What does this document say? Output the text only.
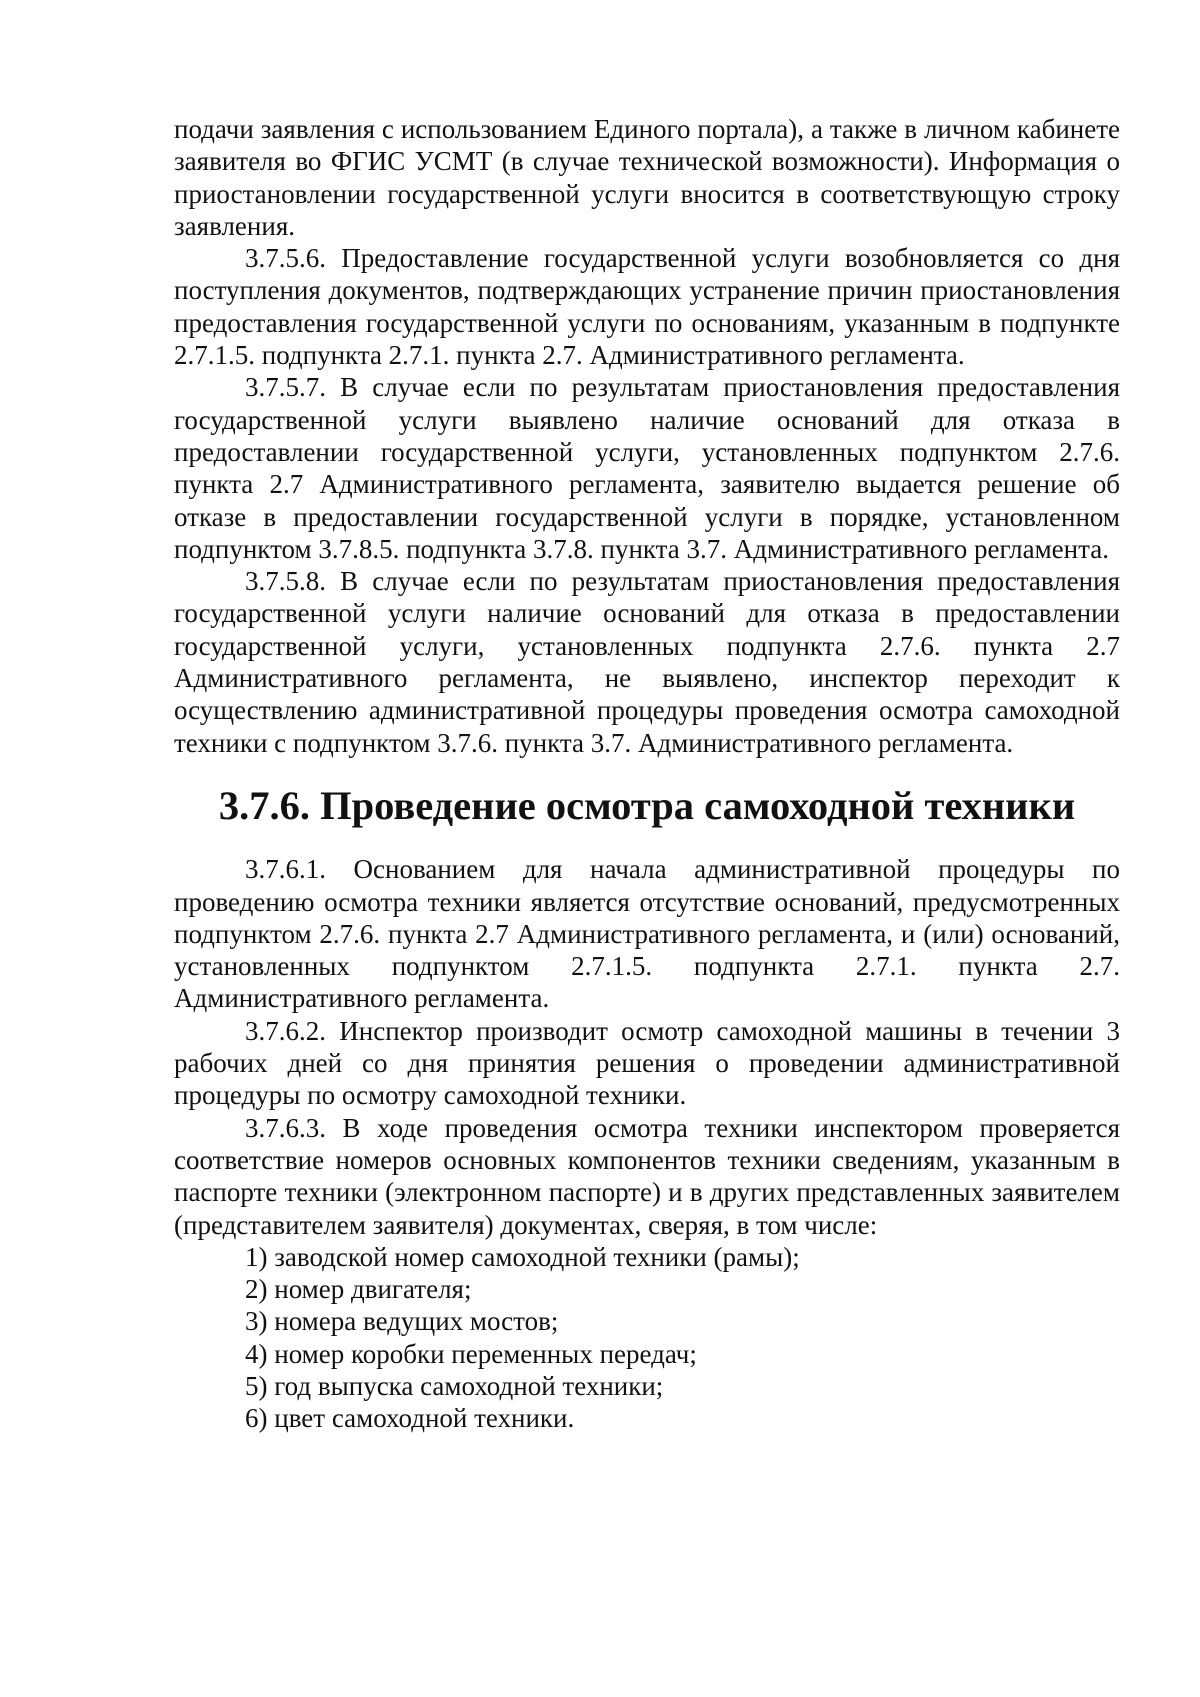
подачи заявления с использованием Единого портала), а также в личном кабинете заявителя во ФГИС УСМТ (в случае технической возможности). Информация о приостановлении государственной услуги вносится в соответствующую строку заявления.

3.7.5.6. Предоставление государственной услуги возобновляется со дня поступления документов, подтверждающих устранение причин приостановления предоставления государственной услуги по основаниям, указанным в подпункте 2.7.1.5. подпункта 2.7.1. пункта 2.7. Административного регламента.

3.7.5.7. В случае если по результатам приостановления предоставления государственной услуги выявлено наличие оснований для отказа в предоставлении государственной услуги, установленных подпунктом 2.7.6. пункта 2.7 Административного регламента, заявителю выдается решение об отказе в предоставлении государственной услуги в порядке, установленном подпунктом 3.7.8.5. подпункта 3.7.8. пункта 3.7. Административного регламента.

3.7.5.8. В случае если по результатам приостановления предоставления государственной услуги наличие оснований для отказа в предоставлении государственной услуги, установленных подпункта 2.7.6. пункта 2.7 Административного регламента, не выявлено, инспектор переходит к осуществлению административной процедуры проведения осмотра самоходной техники с подпунктом 3.7.6. пункта 3.7. Административного регламента.

3.7.6. Проведение осмотра самоходной техники

3.7.6.1. Основанием для начала административной процедуры по проведению осмотра техники является отсутствие оснований, предусмотренных подпунктом 2.7.6. пункта 2.7 Административного регламента, и (или) оснований, установленных подпунктом 2.7.1.5. подпункта 2.7.1. пункта 2.7. Административного регламента.

3.7.6.2. Инспектор производит осмотр самоходной машины в течении 3 рабочих дней со дня принятия решения о проведении административной процедуры по осмотру самоходной техники.

3.7.6.3. В ходе проведения осмотра техники инспектором проверяется соответствие номеров основных компонентов техники сведениям, указанным в паспорте техники (электронном паспорте) и в других представленных заявителем (представителем заявителя) документах, сверяя, в том числе:

1) заводской номер самоходной техники (рамы);

2) номер двигателя;

3) номера ведущих мостов;

4) номер коробки переменных передач;

5) год выпуска самоходной техники;

6) цвет самоходной техники.
